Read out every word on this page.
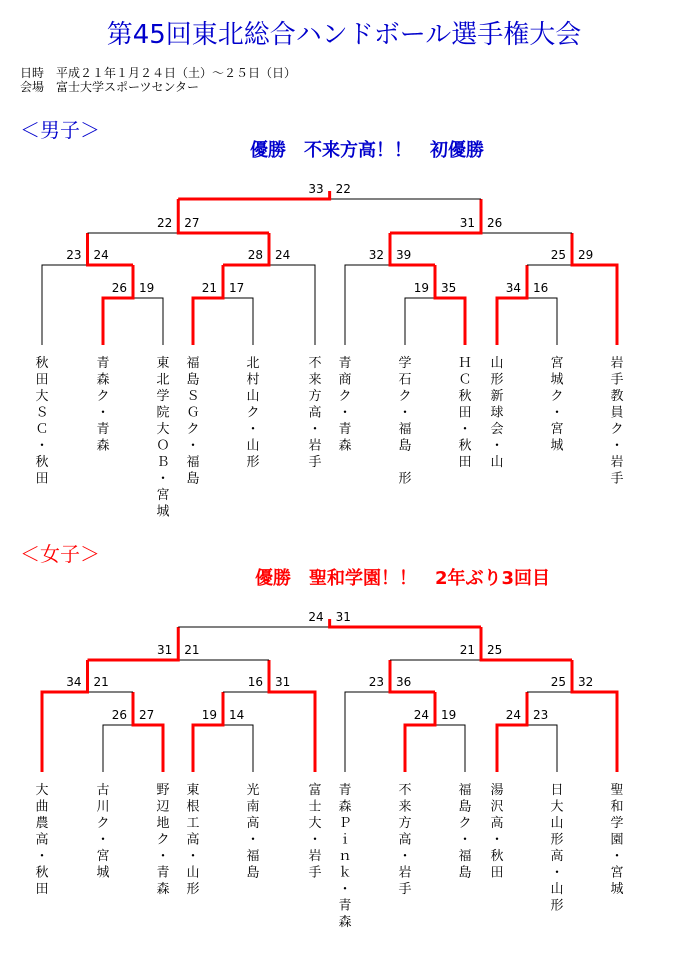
第45回東北総合ハンドボール選手権大会
日時　平成２１年１月２４日（土）～２５日（日）
会場　富士大学スポーツセンター
＜男子＞
優勝　不来方高！！　初優勝
26 19	21 17	19 35	34 16
23 24	28 24	32 39	25 29
22 27	31 26
33 22
秋田大ＳＣ・秋田
青森ク・青森
東北学院大ＯＢ・宮城
福島ＳＧク・福島
北村山ク・山形
不来方高・岩手
青商ク・青森
学石ク・福島　形
ＨＣ秋田・秋田
山形新球会・山
宮城ク・宮城
岩手教員ク・岩手
＜女子＞
優勝　聖和学園！！　2年ぶり3回目
26 27	19 14	24 19	24 23
34 21	16 31	23 36	25 32
31 21	21 25
24 31
大曲農高・秋田
古川ク・宮城
野辺地ク・青森
東根工高・山形
光南高・福島
富士大・岩手
青森Ｐｉｎｋ・青森
不来方高・岩手
福島ク・福島
湯沢高・秋田
日大山形高・山形
聖和学園・宮城
